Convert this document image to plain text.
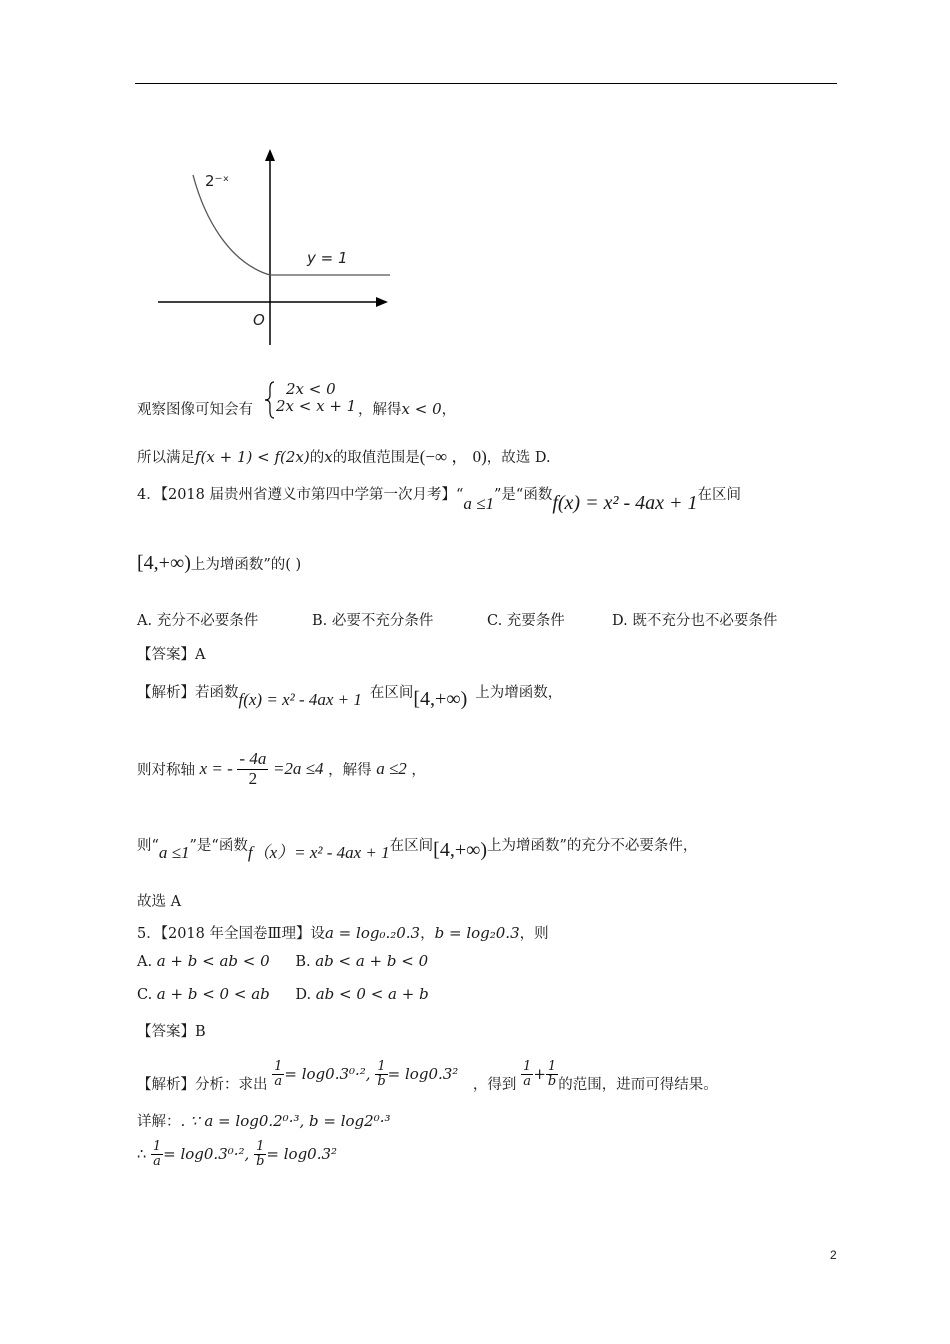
2⁻ˣ
y = 1
O
观察图像可知会有
2x < 0
2x < x + 1 ，解得x < 0，
所以满足f(x + 1) < f(2x)的x的取值范围是(−∞ ， 0)，故选 D.
4．【2018 届贵州省遵义市第四中学第一次月考】“a ≤1”是“函数f(x) = x² - 4ax + 1在区间
[4,+∞)上为增函数”的( )
A. 充分不必要条件	B. 必要不充分条件	C. 充要条件	D. 既不充分也不必要条件
【答案】A
【解析】若函数f(x) = x² - 4ax + 1 在区间[4,+∞) 上为增函数，
则对称轴 x = - $\frac{- 4a}{2} =2a \le 4$ ，解得 a ≤2 ，
则“a ≤1”是“函数f（x）= x² - 4ax + 1在区间[4,+∞)上为增函数”的充分不必要条件，
故选 A
5．【2018 年全国卷Ⅲ理】设a = log₀.₂0.3，b = log₂0.3，则
A. a + b < ab < 0 B. ab < a + b < 0
C. a + b < 0 < ab D. ab < 0 < a + b
【答案】B
【解析】分析：求出 $\frac{1}{a} = \log 0.3^0\cdot^2$, $\frac{1}{b} = \log 0.3^2$ ，得到 $\frac{1}{a} + \frac{1}{b}$ 的范围，进而可得结果。
详解：. ∵ a = log0.2⁰·³, b = log2⁰·³
∴ $\frac{1}{a} = \log 0.3^0\cdot^2$, $\frac{1}{b} = \log 0.3^2$
2
